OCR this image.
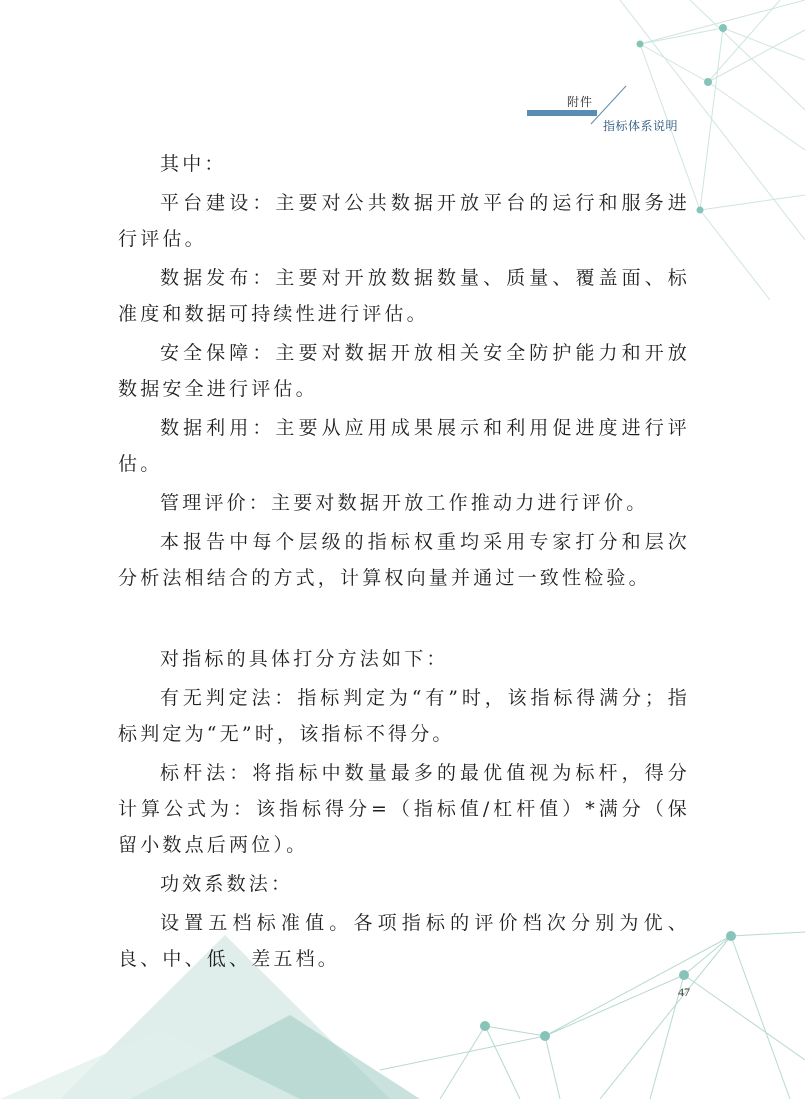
附件
指标体系说明

其中：

平台建设：主要对公共数据开放平台的运行和服务进行评估。

数据发布：主要对开放数据数量、质量、覆盖面、标准度和数据可持续性进行评估。

安全保障：主要对数据开放相关安全防护能力和开放数据安全进行评估。

数据利用：主要从应用成果展示和利用促进度进行评估。

管理评价：主要对数据开放工作推动力进行评价。

本报告中每个层级的指标权重均采用专家打分和层次分析法相结合的方式，计算权向量并通过一致性检验。

对指标的具体打分方法如下：

有无判定法：指标判定为“有”时，该指标得满分；指标判定为“无”时，该指标不得分。

标杆法：将指标中数量最多的最优值视为标杆，得分计算公式为：该指标得分=（指标值/杠杆值）*满分（保留小数点后两位）。

功效系数法：

设置五档标准值。各项指标的评价档次分别为优、良、中、低、差五档。

47
